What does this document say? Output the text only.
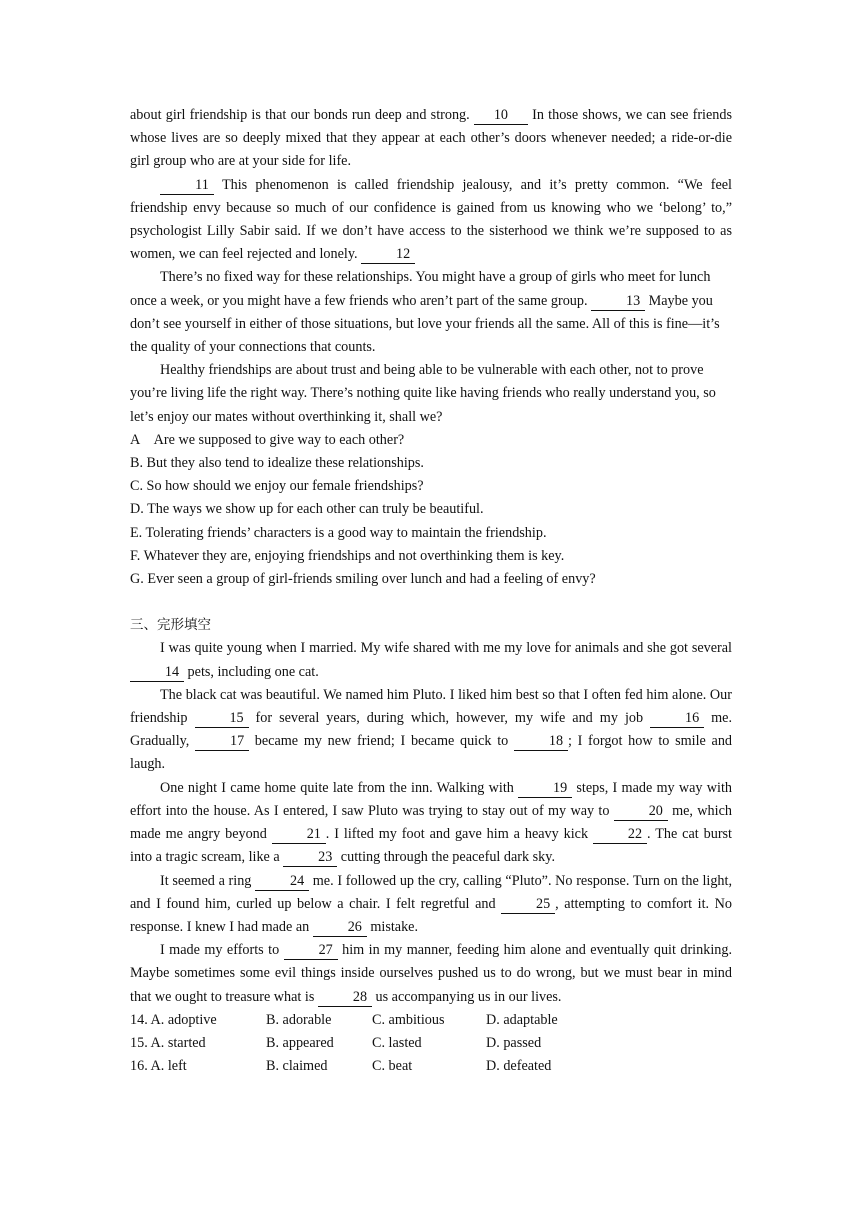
about girl friendship is that our bonds run deep and strong. 10 In those shows, we can see friends whose lives are so deeply mixed that they appear at each other’s doors whenever needed; a ride-or-die girl group who are at your side for life.

11 This phenomenon is called friendship jealousy, and it’s pretty common. “We feel friendship envy because so much of our confidence is gained from us knowing who we ‘belong’ to,” psychologist Lilly Sabir said. If we don’t have access to the sisterhood we think we’re supposed to as women, we can feel rejected and lonely. 12

There’s no fixed way for these relationships. You might have a group of girls who meet for lunch once a week, or you might have a few friends who aren’t part of the same group. 13 Maybe you don’t see yourself in either of those situations, but love your friends all the same. All of this is fine—it’s the quality of your connections that counts.

Healthy friendships are about trust and being able to be vulnerable with each other, not to prove you’re living life the right way. There’s nothing quite like having friends who really understand you, so let’s enjoy our mates without overthinking it, shall we?

A　Are we supposed to give way to each other?

B. But they also tend to idealize these relationships.

C. So how should we enjoy our female friendships?

D. The ways we show up for each other can truly be beautiful.

E. Tolerating friends’ characters is a good way to maintain the friendship.

F. Whatever they are, enjoying friendships and not overthinking them is key.

G. Ever seen a group of girl-friends smiling over lunch and had a feeling of envy?

三、完形填空

I was quite young when I married. My wife shared with me my love for animals and she got several 14 pets, including one cat.

The black cat was beautiful. We named him Pluto. I liked him best so that I often fed him alone. Our friendship 15 for several years, during which, however, my wife and my job 16 me. Gradually, 17 became my new friend; I became quick to 18 ; I forgot how to smile and laugh.

One night I came home quite late from the inn. Walking with 19 steps, I made my way with effort into the house. As I entered, I saw Pluto was trying to stay out of my way to 20 me, which made me angry beyond 21 . I lifted my foot and gave him a heavy kick 22 . The cat burst into a tragic scream, like a 23 cutting through the peaceful dark sky.

It seemed a ring 24 me. I followed up the cry, calling “Pluto”. No response. Turn on the light, and I found him, curled up below a chair. I felt regretful and 25 , attempting to comfort it. No response. I knew I had made an 26 mistake.

I made my efforts to 27 him in my manner, feeding him alone and eventually quit drinking. Maybe sometimes some evil things inside ourselves pushed us to do wrong, but we must bear in mind that we ought to treasure what is 28 us accompanying us in our lives.

14. A. adoptive	B. adorable	C. ambitious	D. adaptable
15. A. started	B. appeared	C. lasted	D. passed
16. A. left	B. claimed	C. beat	D. defeated
